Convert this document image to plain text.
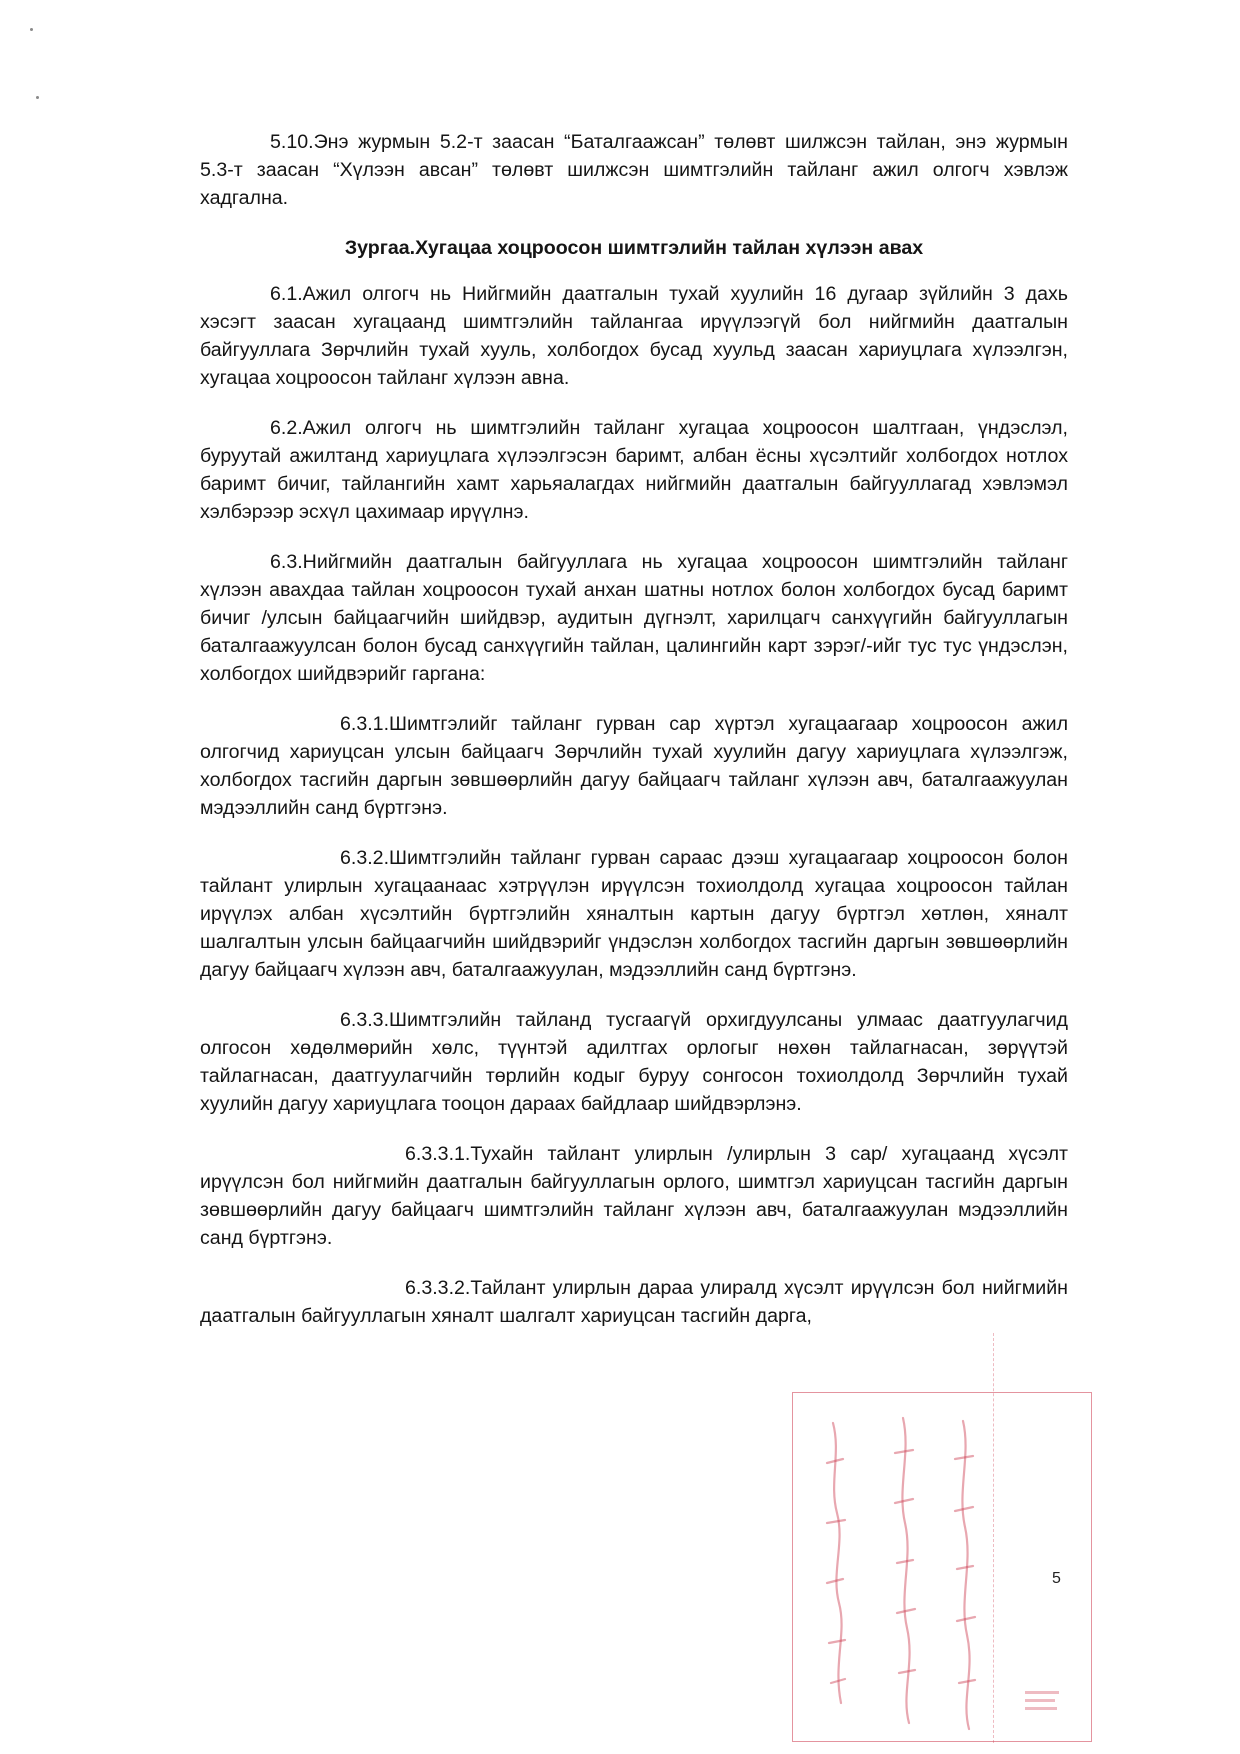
5.10.Энэ журмын 5.2-т заасан “Баталгаажсан” төлөвт шилжсэн тайлан, энэ журмын 5.3-т заасан “Хүлээн авсан” төлөвт шилжсэн шимтгэлийн тайланг ажил олгогч хэвлэж хадгална.

Зургаа.Хугацаа хоцроосон шимтгэлийн тайлан хүлээн авах

6.1.Ажил олгогч нь Нийгмийн даатгалын тухай хуулийн 16 дугаар зүйлийн 3 дахь хэсэгт заасан хугацаанд шимтгэлийн тайлангаа ирүүлээгүй бол нийгмийн даатгалын байгууллага Зөрчлийн тухай хууль, холбогдох бусад хуульд заасан хариуцлага хүлээлгэн, хугацаа хоцроосон тайланг хүлээн авна.

6.2.Ажил олгогч нь шимтгэлийн тайланг хугацаа хоцроосон шалтгаан, үндэслэл, буруутай ажилтанд хариуцлага хүлээлгэсэн баримт, албан ёсны хүсэлтийг холбогдох нотлох баримт бичиг, тайлангийн хамт харьяалагдах нийгмийн даатгалын байгууллагад хэвлэмэл хэлбэрээр эсхүл цахимаар ирүүлнэ.

6.3.Нийгмийн даатгалын байгууллага нь хугацаа хоцроосон шимтгэлийн тайланг хүлээн авахдаа тайлан хоцроосон тухай анхан шатны нотлох болон холбогдох бусад баримт бичиг /улсын байцаагчийн шийдвэр, аудитын дүгнэлт, харилцагч санхүүгийн байгууллагын баталгаажуулсан болон бусад санхүүгийн тайлан, цалингийн карт зэрэг/-ийг тус тус үндэслэн, холбогдох шийдвэрийг гаргана:

6.3.1.Шимтгэлийг тайланг гурван сар хүртэл хугацаагаар хоцроосон ажил олгогчид хариуцсан улсын байцаагч Зөрчлийн тухай хуулийн дагуу хариуцлага хүлээлгэж, холбогдох тасгийн даргын зөвшөөрлийн дагуу байцаагч тайланг хүлээн авч, баталгаажуулан мэдээллийн санд бүртгэнэ.

6.3.2.Шимтгэлийн тайланг гурван сараас дээш хугацаагаар хоцроосон болон тайлант улирлын хугацаанаас хэтрүүлэн ирүүлсэн тохиолдолд хугацаа хоцроосон тайлан ирүүлэх албан хүсэлтийн бүртгэлийн хяналтын картын дагуу бүртгэл хөтлөн, хяналт шалгалтын улсын байцаагчийн шийдвэрийг үндэслэн холбогдох тасгийн даргын зөвшөөрлийн дагуу байцаагч хүлээн авч, баталгаажуулан, мэдээллийн санд бүртгэнэ.

6.3.3.Шимтгэлийн тайланд тусгаагүй орхигдуулсаны улмаас даатгуулагчид олгосон хөдөлмөрийн хөлс, түүнтэй адилтгах орлогыг нөхөн тайлагнасан, зөрүүтэй тайлагнасан, даатгуулагчийн төрлийн кодыг буруу сонгосон тохиолдолд Зөрчлийн тухай хуулийн дагуу хариуцлага тооцон дараах байдлаар шийдвэрлэнэ.

6.3.3.1.Тухайн тайлант улирлын /улирлын 3 сар/ хугацаанд хүсэлт ирүүлсэн бол нийгмийн даатгалын байгууллагын орлого, шимтгэл хариуцсан тасгийн даргын зөвшөөрлийн дагуу байцаагч шимтгэлийн тайланг хүлээн авч, баталгаажуулан мэдээллийн санд бүртгэнэ.

6.3.3.2.Тайлант улирлын дараа улиралд хүсэлт ирүүлсэн бол нийгмийн даатгалын байгууллагын хяналт шалгалт хариуцсан тасгийн дарга,

5
